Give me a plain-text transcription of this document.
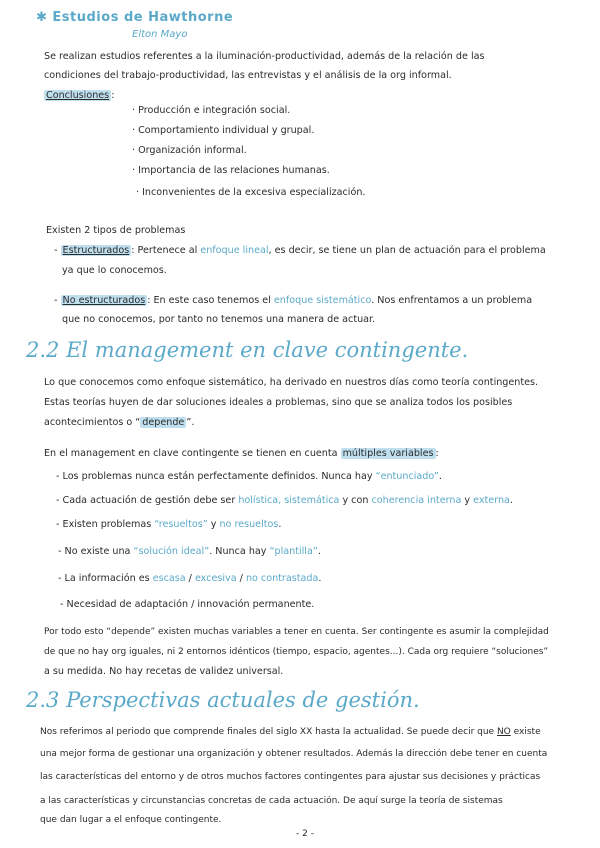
✱ Estudios de Hawthorne
Elton Mayo
Se realizan estudios referentes a la iluminación-productividad, además de la relación de las
condiciones del trabajo-productividad, las entrevistas y el análisis de la org informal.
Conclusiones :
· Producción e integración social.
· Comportamiento individual y grupal.
· Organización informal.
· Importancia de las relaciones humanas.
· Inconvenientes de la excesiva especialización.
Existen 2 tipos de problemas
- Estructurados : Pertenece al enfoque lineal, es decir, se tiene un plan de actuación para el problema
ya que lo conocemos.
- No estructurados : En este caso tenemos el enfoque sistemático. Nos enfrentamos a un problema
que no conocemos, por tanto no tenemos una manera de actuar.
2.2 El management en clave contingente.
Lo que conocemos como enfoque sistemático, ha derivado en nuestros días como teoría contingentes.
Estas teorías huyen de dar soluciones ideales a problemas, sino que se analiza todos los posibles
acontecimientos o “ depende ”.
En el management en clave contingente se tienen en cuenta múltiples variables :
- Los problemas nunca están perfectamente definidos. Nunca hay “entunciado”.
- Cada actuación de gestión debe ser holística, sistemática y con coherencia interna y externa.
- Existen problemas “resueltos” y no resueltos.
- No existe una “solución ideal”. Nunca hay “plantilla”.
- La información es escasa / excesiva / no contrastada.
- Necesidad de adaptación / innovación permanente.
Por todo esto “depende” existen muchas variables a tener en cuenta. Ser contingente es asumir la complejidad
de que no hay org iguales, ni 2 entornos idénticos (tiempo, espacio, agentes...). Cada org requiere “soluciones”
a su medida. No hay recetas de validez universal.
2.3 Perspectivas actuales de gestión.
Nos referimos al periodo que comprende finales del siglo XX hasta la actualidad. Se puede decir que NO existe
una mejor forma de gestionar una organización y obtener resultados. Además la dirección debe tener en cuenta
las características del entorno y de otros muchos factores contingentes para ajustar sus decisiones y prácticas
a las características y circunstancias concretas de cada actuación. De aquí surge la teoría de sistemas
que dan lugar a el enfoque contingente.
- 2 -
